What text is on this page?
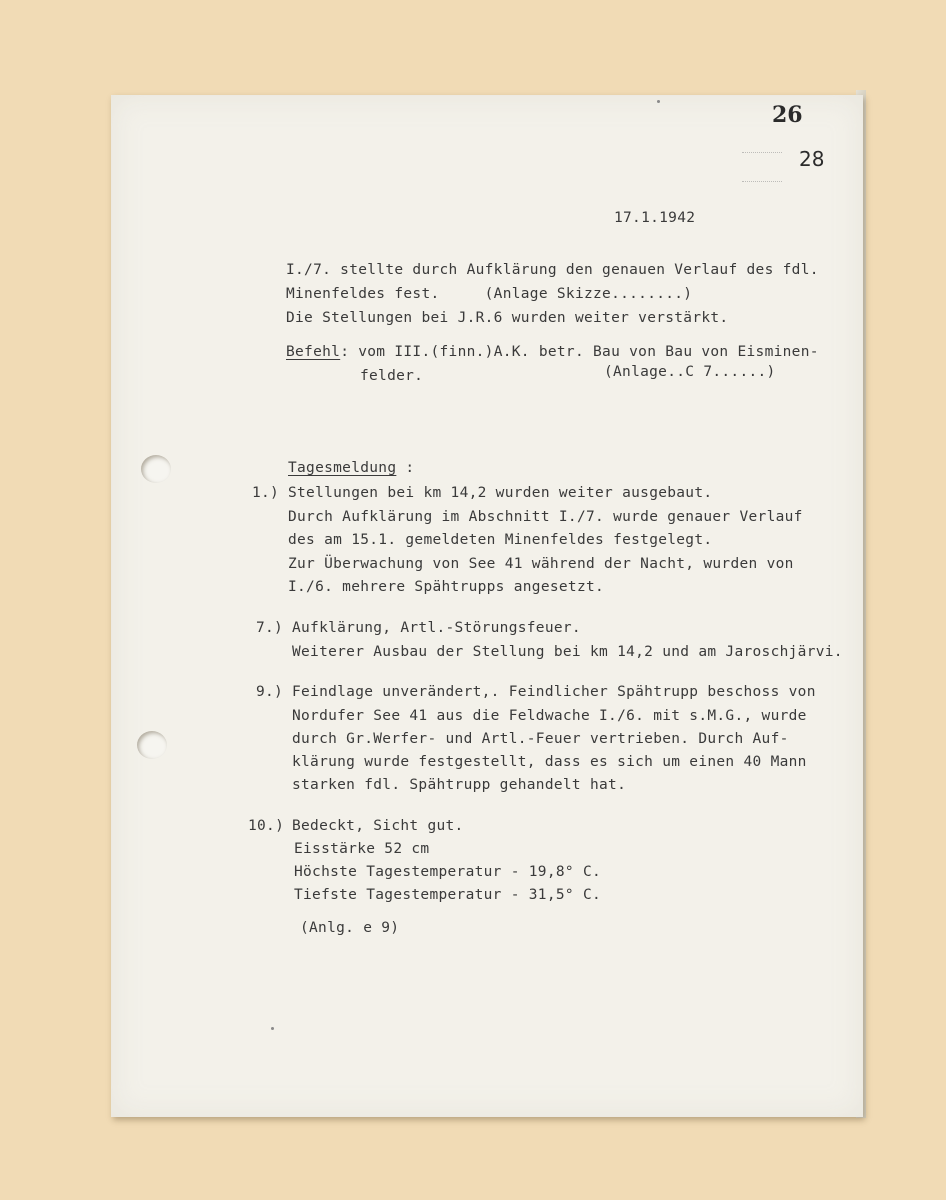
26
28
17.1.1942
I./7. stellte durch Aufklärung den genauen Verlauf des fdl.
Minenfeldes fest.     (Anlage Skizze........)
Die Stellungen bei J.R.6 wurden weiter verstärkt.
Befehl: vom III.(finn.)A.K. betr. Bau von Bau von Eisminen-
felder.	(Anlage..C 7......)
Tagesmeldung :
1.) Stellungen bei km 14,2 wurden weiter ausgebaut.
Durch Aufklärung im Abschnitt I./7. wurde genauer Verlauf
des am 15.1. gemeldeten Minenfeldes festgelegt.
Zur Überwachung von See 41 während der Nacht, wurden von
I./6. mehrere Spähtrupps angesetzt.
7.) Aufklärung, Artl.-Störungsfeuer.
Weiterer Ausbau der Stellung bei km 14,2 und am Jaroschjärvi.
9.) Feindlage unverändert,. Feindlicher Spähtrupp beschoss von
Nordufer See 41 aus die Feldwache I./6. mit s.M.G., wurde
durch Gr.Werfer- und Artl.-Feuer vertrieben. Durch Auf-
klärung wurde festgestellt, dass es sich um einen 40 Mann
starken fdl. Spähtrupp gehandelt hat.
10.) Bedeckt, Sicht gut.
Eisstärke 52 cm
Höchste Tagestemperatur - 19,8° C.
Tiefste Tagestemperatur - 31,5° C.
(Anlg. e 9)
